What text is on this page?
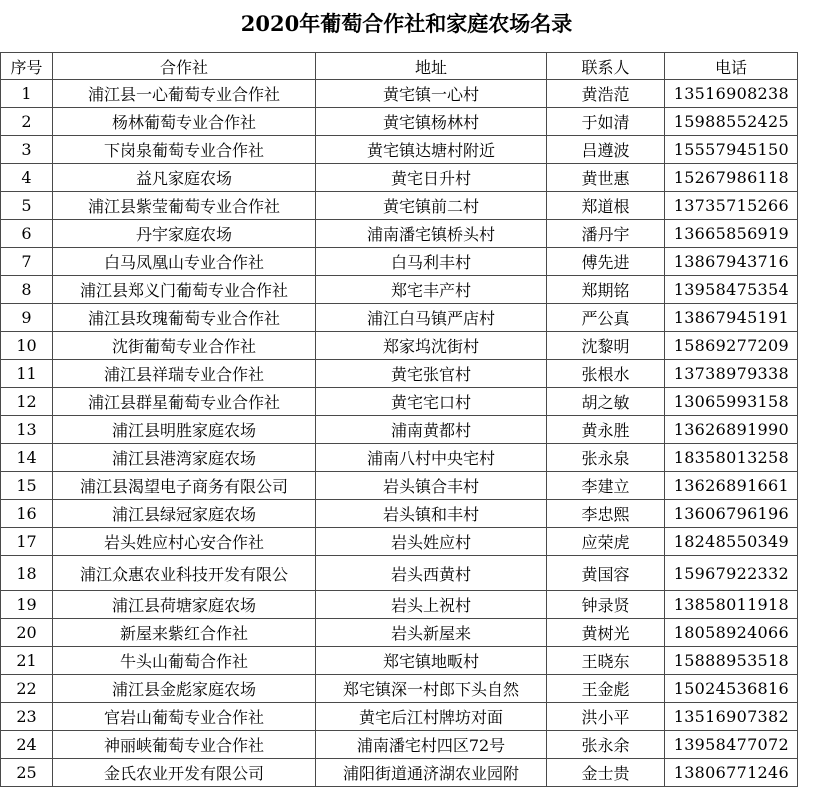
2020年葡萄合作社和家庭农场名录
序号	合作社	地址	联系人	电话
1	浦江县一心葡萄专业合作社	黄宅镇一心村	黄浩范	13516908238
2	杨林葡萄专业合作社	黄宅镇杨林村	于如清	15988552425
3	下岗泉葡萄专业合作社	黄宅镇达塘村附近	吕遵波	15557945150
4	益凡家庭农场	黄宅日升村	黄世惠	15267986118
5	浦江县紫莹葡萄专业合作社	黄宅镇前二村	郑道根	13735715266
6	丹宇家庭农场	浦南潘宅镇桥头村	潘丹宇	13665856919
7	白马凤凰山专业合作社	白马利丰村	傅先进	13867943716
8	浦江县郑义门葡萄专业合作社	郑宅丰产村	郑期铭	13958475354
9	浦江县玫瑰葡萄专业合作社	浦江白马镇严店村	严公真	13867945191
10	沈街葡萄专业合作社	郑家坞沈街村	沈黎明	15869277209
11	浦江县祥瑞专业合作社	黄宅张官村	张根水	13738979338
12	浦江县群星葡萄专业合作社	黄宅宅口村	胡之敏	13065993158
13	浦江县明胜家庭农场	浦南黄都村	黄永胜	13626891990
14	浦江县港湾家庭农场	浦南八村中央宅村	张永泉	18358013258
15	浦江县渴望电子商务有限公司	岩头镇合丰村	李建立	13626891661
16	浦江县绿冠家庭农场	岩头镇和丰村	李忠熙	13606796196
17	岩头姓应村心安合作社	岩头姓应村	应荣虎	18248550349
18	浦江众惠农业科技开发有限公	岩头西黄村	黄国容	15967922332
19	浦江县荷塘家庭农场	岩头上祝村	钟录贤	13858011918
20	新屋来紫红合作社	岩头新屋来	黄树光	18058924066
21	牛头山葡萄合作社	郑宅镇地畈村	王晓东	15888953518
22	浦江县金彪家庭农场	郑宅镇深一村郎下头自然	王金彪	15024536816
23	官岩山葡萄专业合作社	黄宅后江村牌坊对面	洪小平	13516907382
24	神丽峡葡萄专业合作社	浦南潘宅村四区72号	张永余	13958477072
25	金氏农业开发有限公司	浦阳街道通济湖农业园附	金士贵	13806771246
